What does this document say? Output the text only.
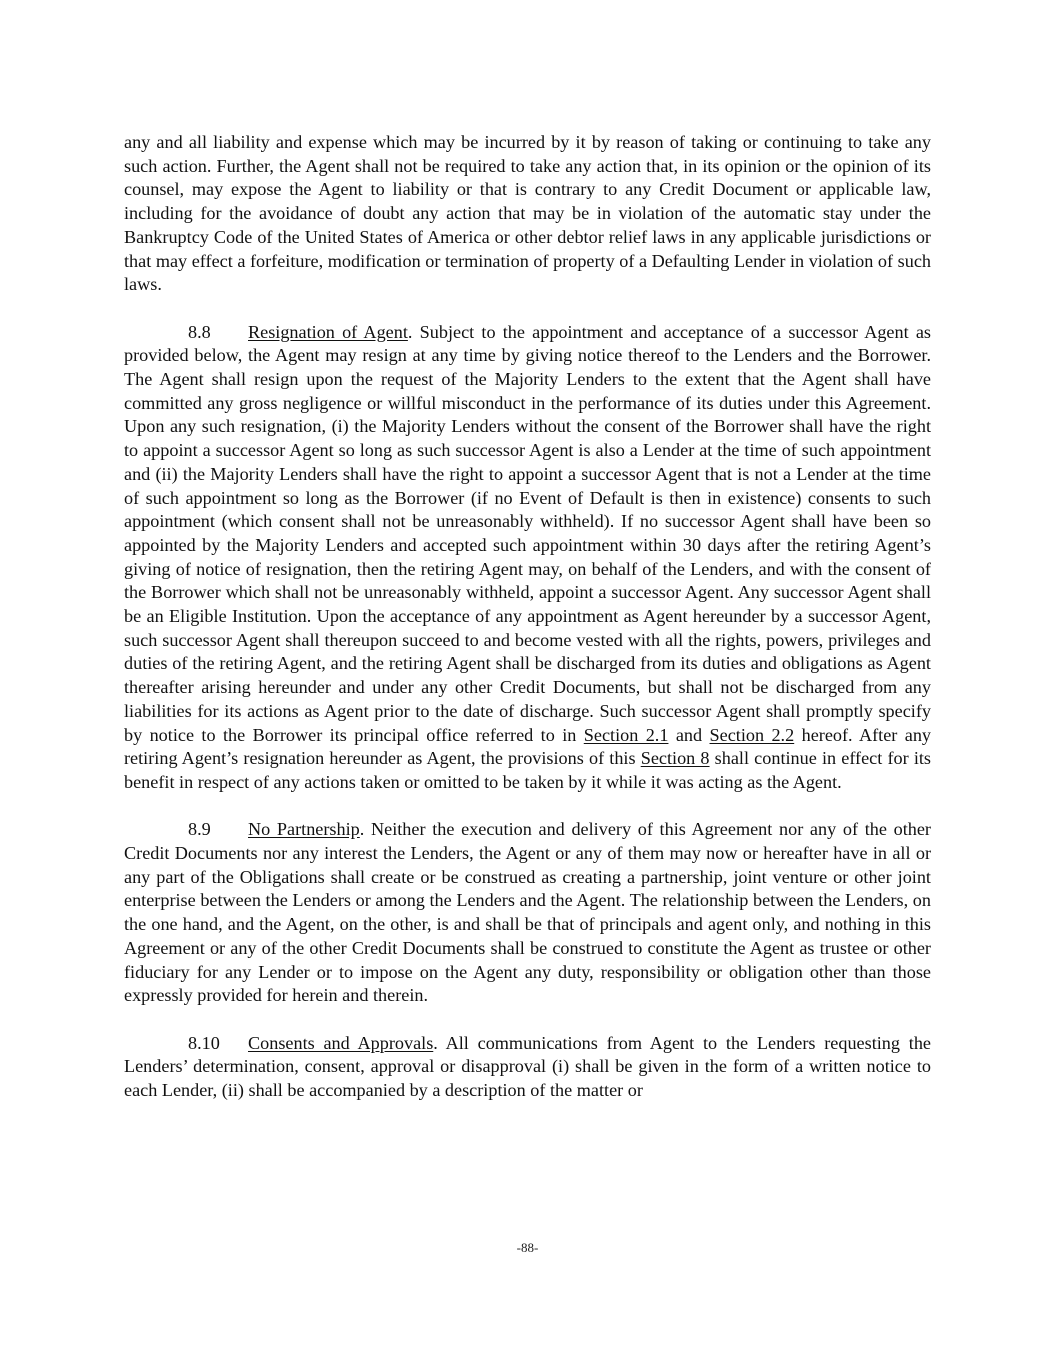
any and all liability and expense which may be incurred by it by reason of taking or continuing to take any such action. Further, the Agent shall not be required to take any action that, in its opinion or the opinion of its counsel, may expose the Agent to liability or that is contrary to any Credit Document or applicable law, including for the avoidance of doubt any action that may be in violation of the automatic stay under the Bankruptcy Code of the United States of America or other debtor relief laws in any applicable jurisdictions or that may effect a forfeiture, modification or termination of property of a Defaulting Lender in violation of such laws.

8.8 Resignation of Agent. Subject to the appointment and acceptance of a successor Agent as provided below, the Agent may resign at any time by giving notice thereof to the Lenders and the Borrower. The Agent shall resign upon the request of the Majority Lenders to the extent that the Agent shall have committed any gross negligence or willful misconduct in the performance of its duties under this Agreement. Upon any such resignation, (i) the Majority Lenders without the consent of the Borrower shall have the right to appoint a successor Agent so long as such successor Agent is also a Lender at the time of such appointment and (ii) the Majority Lenders shall have the right to appoint a successor Agent that is not a Lender at the time of such appointment so long as the Borrower (if no Event of Default is then in existence) consents to such appointment (which consent shall not be unreasonably withheld). If no successor Agent shall have been so appointed by the Majority Lenders and accepted such appointment within 30 days after the retiring Agent’s giving of notice of resignation, then the retiring Agent may, on behalf of the Lenders, and with the consent of the Borrower which shall not be unreasonably withheld, appoint a successor Agent. Any successor Agent shall be an Eligible Institution. Upon the acceptance of any appointment as Agent hereunder by a successor Agent, such successor Agent shall thereupon succeed to and become vested with all the rights, powers, privileges and duties of the retiring Agent, and the retiring Agent shall be discharged from its duties and obligations as Agent thereafter arising hereunder and under any other Credit Documents, but shall not be discharged from any liabilities for its actions as Agent prior to the date of discharge. Such successor Agent shall promptly specify by notice to the Borrower its principal office referred to in Section 2.1 and Section 2.2 hereof. After any retiring Agent’s resignation hereunder as Agent, the provisions of this Section 8 shall continue in effect for its benefit in respect of any actions taken or omitted to be taken by it while it was acting as the Agent.

8.9 No Partnership. Neither the execution and delivery of this Agreement nor any of the other Credit Documents nor any interest the Lenders, the Agent or any of them may now or hereafter have in all or any part of the Obligations shall create or be construed as creating a partnership, joint venture or other joint enterprise between the Lenders or among the Lenders and the Agent. The relationship between the Lenders, on the one hand, and the Agent, on the other, is and shall be that of principals and agent only, and nothing in this Agreement or any of the other Credit Documents shall be construed to constitute the Agent as trustee or other fiduciary for any Lender or to impose on the Agent any duty, responsibility or obligation other than those expressly provided for herein and therein.

8.10 Consents and Approvals. All communications from Agent to the Lenders requesting the Lenders’ determination, consent, approval or disapproval (i) shall be given in the form of a written notice to each Lender, (ii) shall be accompanied by a description of the matter or

-88-
